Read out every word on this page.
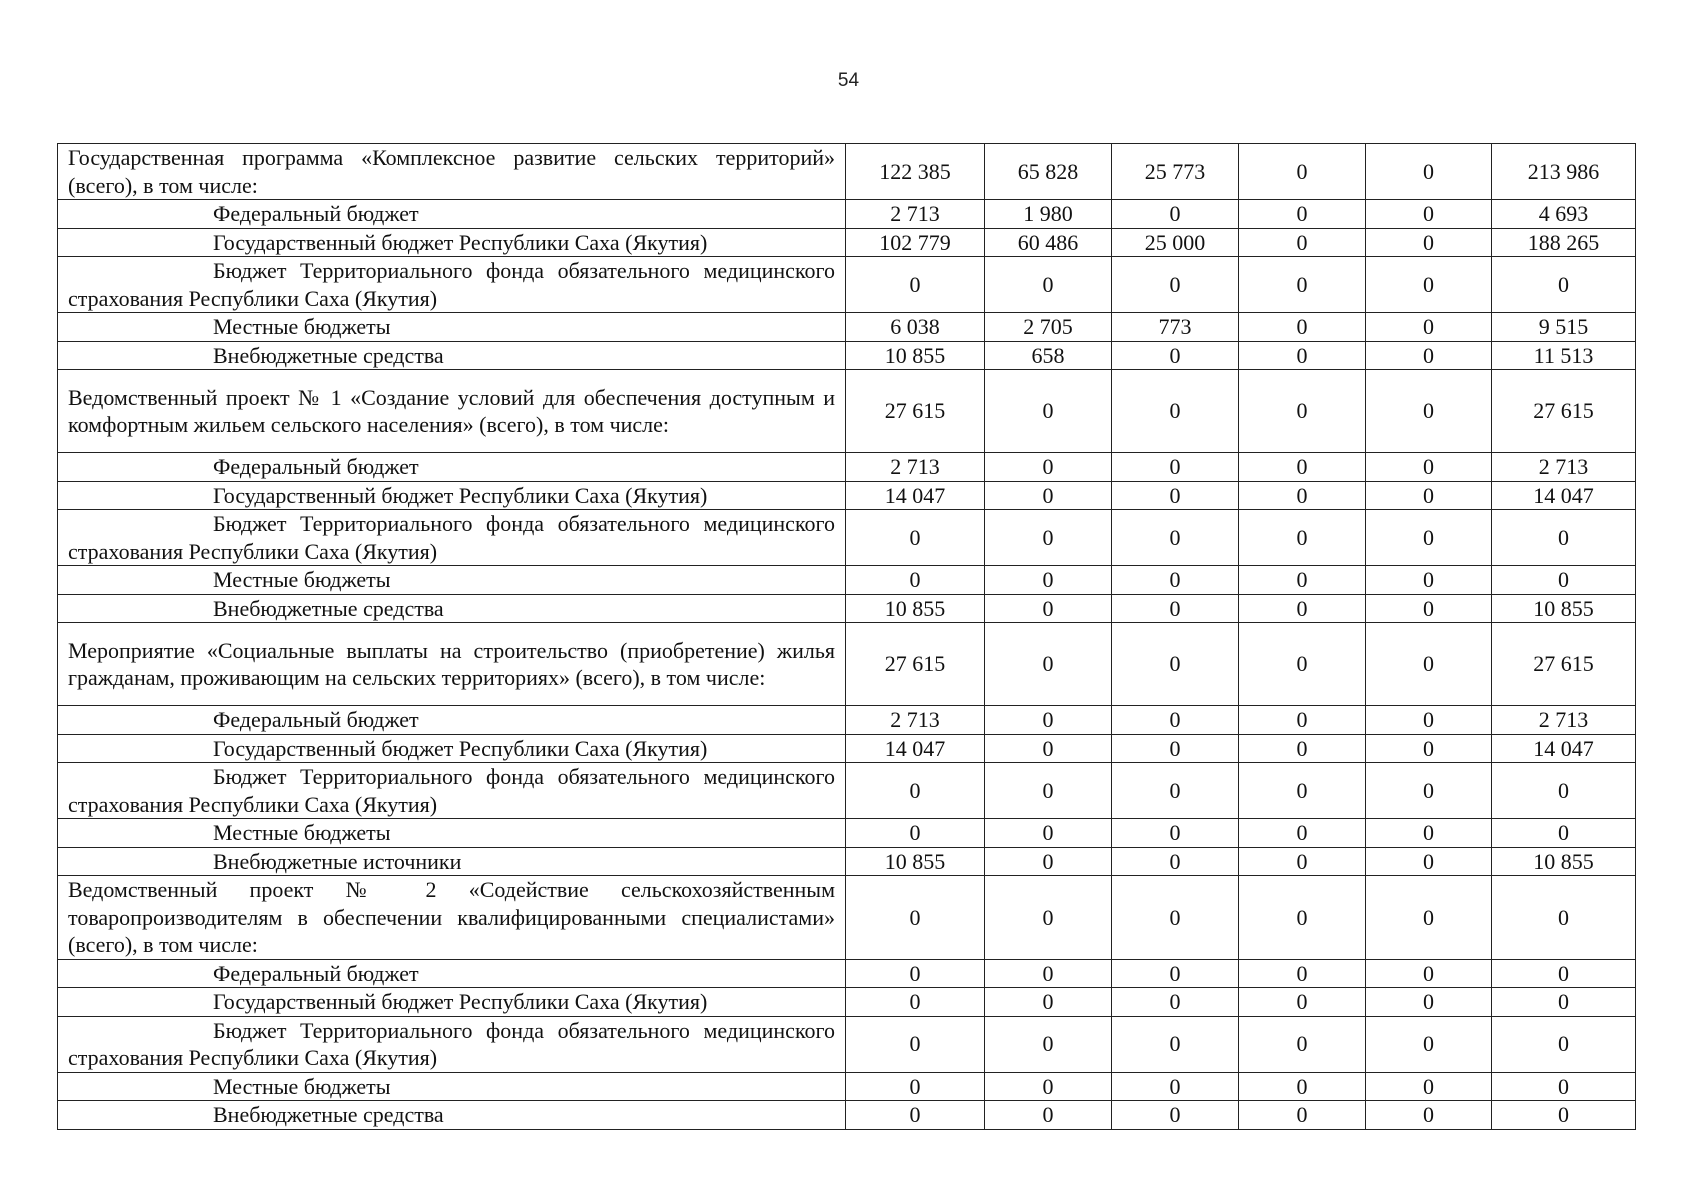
54
Государственная программа «Комплексное развитие сельских территорий» (всего), в том числе:	122 385	65 828	25 773	0	0	213 986
Федеральный бюджет	2 713	1 980	0	0	0	4 693
Государственный бюджет Республики Саха (Якутия)	102 779	60 486	25 000	0	0	188 265
Бюджет Территориального фонда обязательного медицинского страхования Республики Саха (Якутия)	0	0	0	0	0	0
Местные бюджеты	6 038	2 705	773	0	0	9 515
Внебюджетные средства	10 855	658	0	0	0	11 513
Ведомственный проект № 1 «Создание условий для обеспечения доступным и комфортным жильем сельского населения» (всего), в том числе:	27 615	0	0	0	0	27 615
Федеральный бюджет	2 713	0	0	0	0	2 713
Государственный бюджет Республики Саха (Якутия)	14 047	0	0	0	0	14 047
Бюджет Территориального фонда обязательного медицинского страхования Республики Саха (Якутия)	0	0	0	0	0	0
Местные бюджеты	0	0	0	0	0	0
Внебюджетные средства	10 855	0	0	0	0	10 855
Мероприятие «Социальные выплаты на строительство (приобретение) жилья гражданам, проживающим на сельских территориях» (всего), в том числе:	27 615	0	0	0	0	27 615
Федеральный бюджет	2 713	0	0	0	0	2 713
Государственный бюджет Республики Саха (Якутия)	14 047	0	0	0	0	14 047
Бюджет Территориального фонда обязательного медицинского страхования Республики Саха (Якутия)	0	0	0	0	0	0
Местные бюджеты	0	0	0	0	0	0
Внебюджетные источники	10 855	0	0	0	0	10 855
Ведомственный проект № 2 «Содействие сельскохозяйственным товаропроизводителям в обеспечении квалифицированными специалистами» (всего), в том числе:	0	0	0	0	0	0
Федеральный бюджет	0	0	0	0	0	0
Государственный бюджет Республики Саха (Якутия)	0	0	0	0	0	0
Бюджет Территориального фонда обязательного медицинского страхования Республики Саха (Якутия)	0	0	0	0	0	0
Местные бюджеты	0	0	0	0	0	0
Внебюджетные средства	0	0	0	0	0	0
